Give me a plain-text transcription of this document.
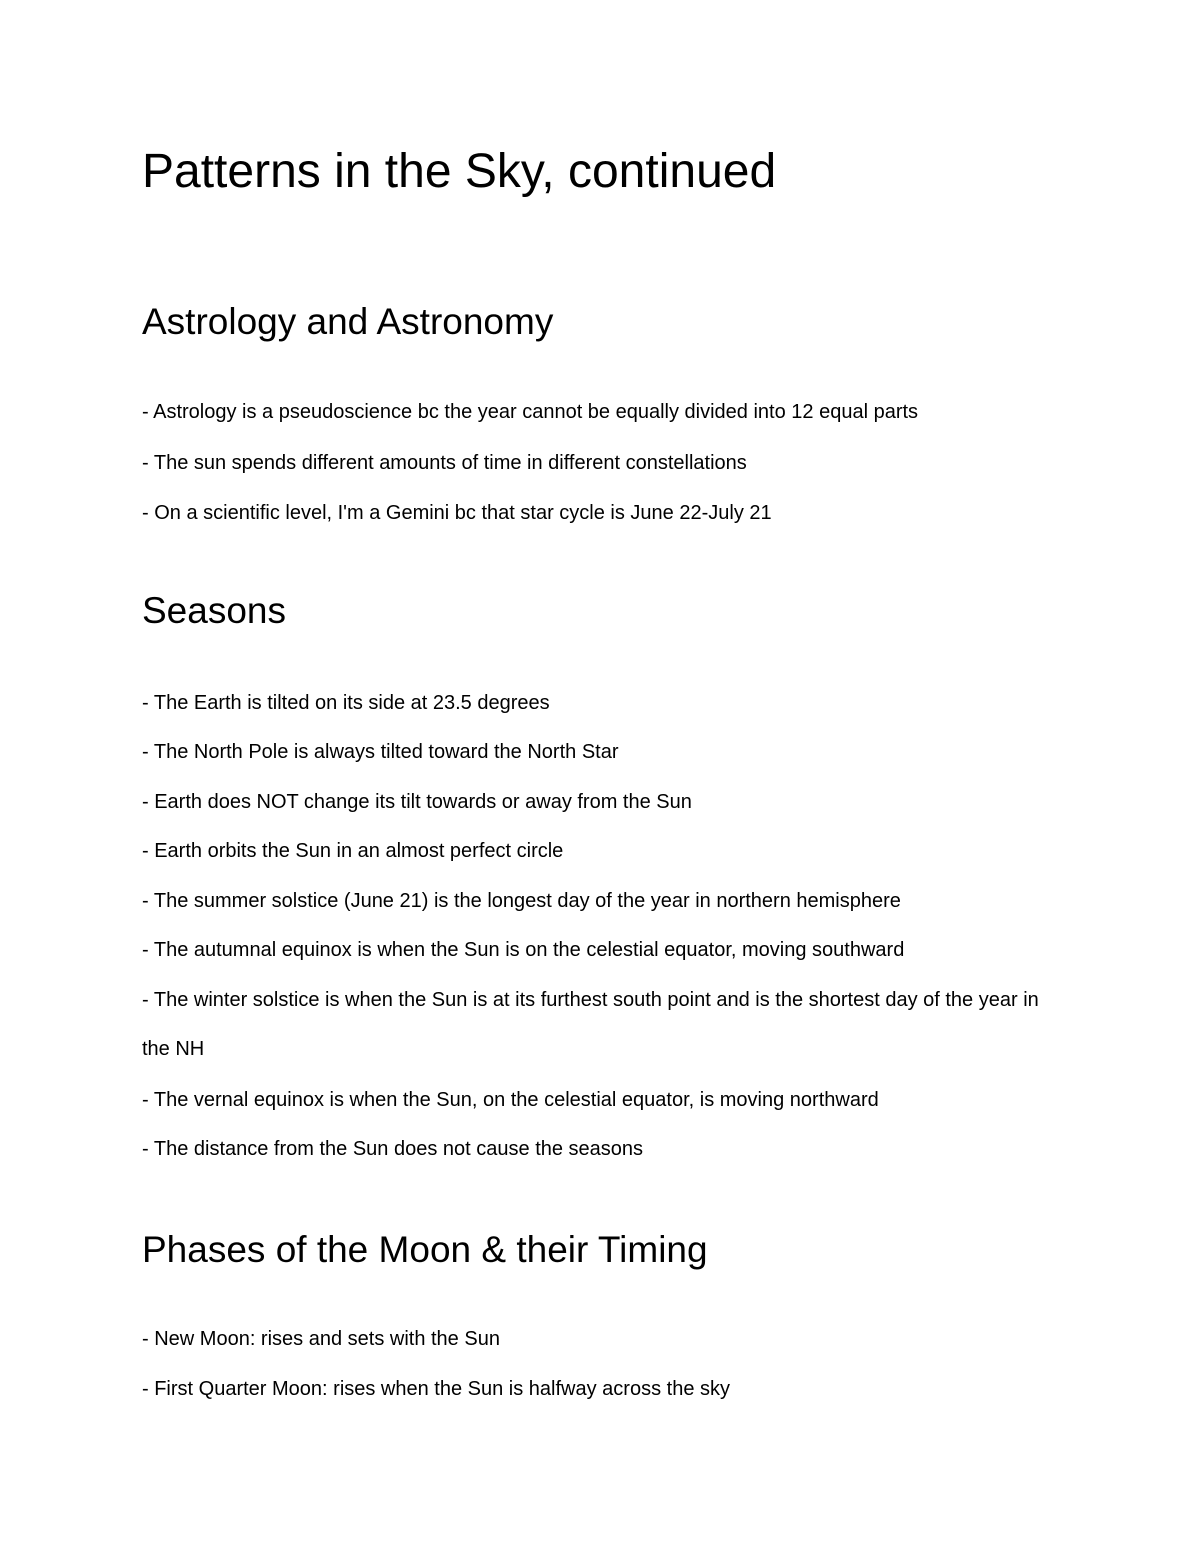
Patterns in the Sky, continued
Astrology and Astronomy

- Astrology is a pseudoscience bc the year cannot be equally divided into 12 equal parts

- The sun spends different amounts of time in different constellations

- On a scientific level, I'm a Gemini bc that star cycle is June 22-July 21

Seasons

- The Earth is tilted on its side at 23.5 degrees

- The North Pole is always tilted toward the North Star

- Earth does NOT change its tilt towards or away from the Sun

- Earth orbits the Sun in an almost perfect circle

- The summer solstice (June 21) is the longest day of the year in northern hemisphere

- The autumnal equinox is when the Sun is on the celestial equator, moving southward

- The winter solstice is when the Sun is at its furthest south point and is the shortest day of the year in the NH

- The vernal equinox is when the Sun, on the celestial equator, is moving northward

- The distance from the Sun does not cause the seasons

Phases of the Moon & their Timing

- New Moon: rises and sets with the Sun

- First Quarter Moon: rises when the Sun is halfway across the sky
